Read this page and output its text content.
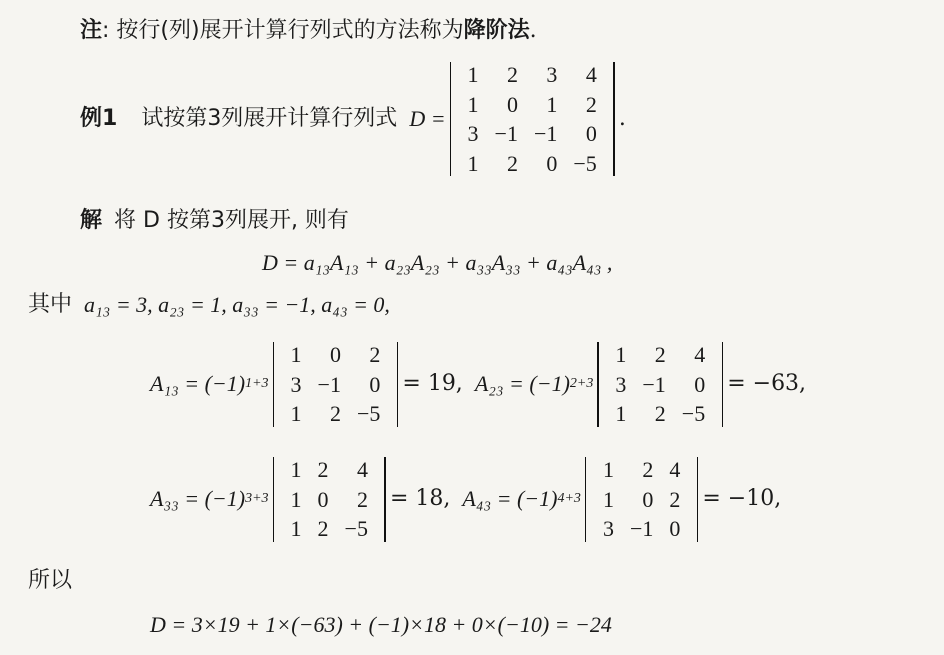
注 : 按行(列)展开计算行列式的方法称为 降阶法 .
例1 试按第3列展开计算行列式 D =
1	2	3	4
1	0	1	2
3	−1	−1	0
1	2	0	−5
.
解 将 D 按第3列展开, 则有
D = a₁₃A₁₃ + a₂₃A₂₃ + a₃₃A₃₃ + a₄₃A₄₃ ,
其中 a₁₃ = 3, a₂₃ = 1, a₃₃ = −1, a₄₃ = 0,
A₁₃ = (−1) 1+3
1	0	2
3	−1	0
1	2	−5
= 19, A₂₃ = (−1) 2+3
1	2	4
3	−1	0
1	2	−5
= −63,
A₃₃ = (−1) 3+3
1	2	4
1	0	2
1	2	−5
= 18, A₄₃ = (−1) 4+3
1	2	4
1	0	2
3	−1	0
= −10,
所以
D = 3×19 + 1×(−63) + (−1)×18 + 0×(−10) = −24
